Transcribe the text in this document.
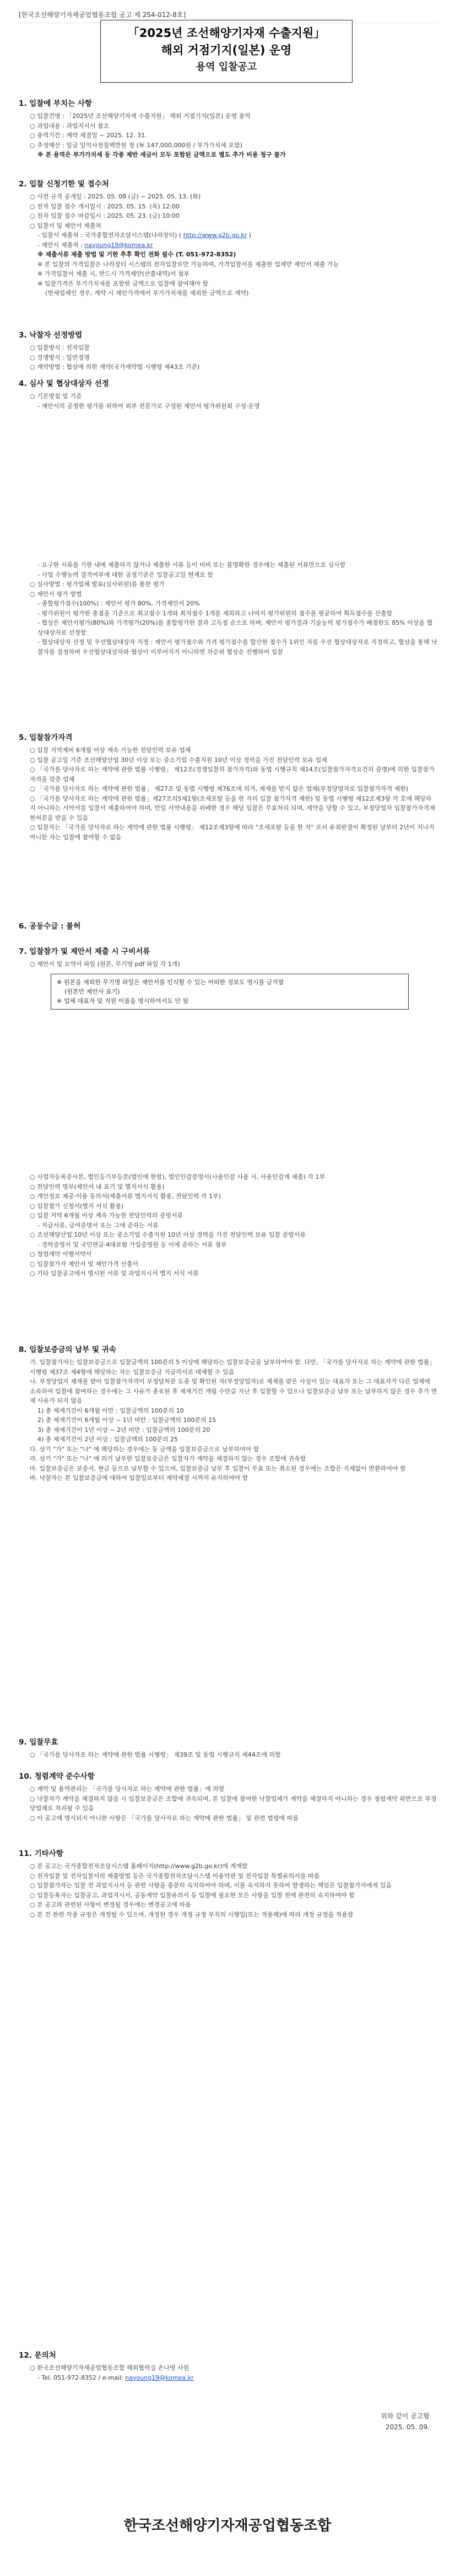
[한국조선해양기자재공업협동조합 공고 제 254-012-8호]
「2025년 조선해양기자재 수출지원」
해외 거점기지(일본) 운영
용역 입찰공고
1. 입찰에 부치는 사항
○ 입찰건명 : 「2025년 조선해양기자재 수출지원」 해외 거점기지(일본) 운영 용역
○ 과업내용 : 과업지시서 참조
○ 용역기간 : 계약 체결일 ~ 2025. 12. 31.
○ 추정예산 : 일금 일억사천칠백만원 정 (￦ 147,000,000원 / 부가가치세 포함)
※ 본 용역은 부가가치세 등 각종 제반 세금이 모두 포함된 금액으로 별도 추가 비용 청구 불가
2. 입찰 신청기한 및 접수처
○ 사전 규격 공개일 : 2025. 05. 08 (금) ~ 2025. 05. 13. (화)
○ 전자 입찰 접수 개시일시 : 2025. 05. 15. (목) 12:00
○ 전자 입찰 접수 마감일시 : 2025. 05. 23. (금) 10:00
○ 입찰서 및 제안서 제출처
- 입찰서 제출처 : 국가종합전자조달시스템(나라장터) ( http://www.g2b.go.kr )
- 제안서 제출처 : nayoung19@komea.kr
※ 제출서류 제출 방법 및 기한 추후 확인 전화 필수 (T. 051-972-8352)
※ 본 입찰의 가격입찰은 나라장터 시스템의 전자입찰로만 가능하며, 가격입찰서를 제출한 업체만 제안서 제출 가능
※ 가격입찰서 제출 시, 반드시 가격제안(산출내역)서 첨부
※ 입찰가격은 부가가치세를 포함한 금액으로 입찰에 참여해야 함
(면세업체인 경우, 계약 시 제안가격에서 부가가치세를 제외한 금액으로 계약)
3. 낙찰자 선정방법
○ 입찰방식 : 전자입찰
○ 경쟁방식 : 일반경쟁
○ 계약방법 : 협상에 의한 계약(국가계약법 시행령 제43조 기준)
4. 심사 및 협상대상자 선정
○ 기본방침 및 기준
- 제안서의 공정한 평가를 위하여 외부 전문가로 구성된 제안서 평가위원회 구성·운영
- 요구한 서류를 기한 내에 제출하지 않거나 제출한 서류 등이 미비 또는 불명확한 경우에는 제출된 서류만으로 심사함
- 사업 수행능력 결격여부에 대한 공정기준은 입찰공고일 현재로 함
○ 심사방법 : 평가업체 발표(심사위원)를 통한 평가
○ 제안서 평가 방법
- 종합평가점수(100%) : 제안서 평가 80%, 가격제안서 20%
- 평가위원이 평가한 총점을 기준으로 최고점수 1개와 최저점수 1개를 제외하고 나머지 평가위원의 점수를 평균하여 획득점수를 산출함
- 협상은 제안서평가(80%)와 가격평가(20%)를 종합평가한 결과 고득점 순으로 하며, 제안서 평가결과 기술능력 평가점수가 배점한도 85% 이상을 협상대상자로 선정함
- 협상대상자 선정 및 우선협상대상자 지정 : 제안서 평가점수와 가격 평가점수를 합산한 점수가 1위인 자를 우선 협상대상자로 지정하고, 협상을 통해 낙찰자를 결정하며 우선협상대상자와 협상이 이루어지지 아니하면 차순위 협상순 진행하여 입찰
5. 입찰참가자격
○ 입찰 지역제비 6개월 이상 계속 가능한 전담인력 보유 업체
○ 입찰 공고일 기준 조선해양산업 30년 이상 또는 중소기업 수출지원 10년 이상 경력을 가진 전담인력 보유 업체
○ 「국가를 당사자로 하는 계약에 관한 법률 시행령」 제12조(경쟁입찰의 참가자격)와 동법 시행규칙 제14조(입찰참가자격요건의 증명)에 의한 입찰참가자격을 갖춘 업체
○ 「국가를 당사자로 하는 계약에 관한 법률」 제27조 및 동법 시행령 제76조에 의거, 제재를 받지 않은 업체(부정당업자로 입찰참가자격 제한)
○ 「국가를 당사자로 하는 계약에 관한 법률」제27조의5제1항(조세포탈 등을 한 자의 입찰 참가자격 제한) 및 동법 시행령 제12조제3항 각 호에 해당하지 아니하는 서약서를 입찰서 제출하여야 하며, 만일 서약내용을 위배한 경우 해당 입찰은 무효처리 되며, 계약을 당할 수 있고, 부정당업자 입찰참가자격제한처분을 받을 수 있음
○ 입찰자는 「국가를 당사자로 하는 계약에 관한 법률 시행령」 제12조제3항에 따라 "조세포탈 등을 한 자" 로서 유죄판결이 확정된 날부터 2년이 지나지 아니한 자는 입찰에 참여할 수 없음
6. 공동수급 : 불허
7. 입찰참가 및 제안서 제출 시 구비서류
○ 제안서 및 요약서 파일 (원본, 무기명 pdf 파일 각 1개)
※ 원본을 제외한 무기명 파일은 제안서를 인식할 수 있는 어떠한 정보도 명시를 금지함
(원본만 제안사 표기)
※ 업체 대표자 및 직원 이름을 명시하여서도 안 됨
○ 사업자등록증사본, 법인등기부등본(법인에 한함), 법인인감증명서(사용인감 사용 시, 사용인감계 제출) 각 1부
○ 전담인력 명부(제안서 내 표기 및 별지서식 활용)
○ 개인정보 제공·이용 동의서(제출서류 별지서식 활용, 전담인력 각 1부)
○ 입찰참가 신청서(별지 서식 활용)
○ 입찰 지역 6개월 이상 계속 가능한 전담인력의 증빙서류
- 지급서류, 급여증명서 또는 그에 준하는 서류
○ 조선해양산업 10년 이상 또는 중소기업 수출지원 10년 이상 경력을 가진 전담인력 보유 입찰 증빙서류
- 경력증명서 및 국민연금·4대보험 가입증명원 등 이에 준하는 서류 첨부
○ 청렴계약 이행서약서
○ 입찰참가자 제안서 및 제안가격 산출서
○ 기타 입찰공고에서 명시된 서류 및 과업지시서 별지 서식 서류
8. 입찰보증금의 납부 및 귀속
가. 입찰참가자는 입찰보증금으로 입찰금액의 100분의 5 이상에 해당하는 입찰보증금을 납부하여야 함. 다만, 「국가를 당사자로 하는 계약에 관한 법률」 시행령 제37조 제4항에 해당하는 자는 입찰보증금 지급각서로 대체할 수 있음
나. 부정당업자 제재를 받아 입찰참가자격이 부정당처분 도중 및 확인된 자(부정당업자)로 제재를 받은 사실이 있는 대표자 또는 그 대표자가 다른 업체에 소속하여 입찰에 참여하는 경우에는 그 사유가 종료된 후 제재기간 개월 수만큼 지난 후 입찰할 수 있으나 입찰보증금 납부 또는 납부하지 않은 경우 추가 면제 사유가 되지 않음
1) 총 제재기간이 6개월 이만 : 입찰금액의 100분의 10
2) 총 제재기간이 6개월 이상 ~ 1년 미만 : 입찰금액의 100분의 15
3) 총 제재기간이 1년 이상 ~ 2년 미만 : 입찰금액의 100분의 20
4) 총 제재기간이 2년 이상 : 입찰금액의 100분의 25
다. 상기 "가" 또는 "나" 에 해당하는 경우에는 동 금액을 입찰보증금으로 납부하여야 함
라. 상기 "가" 또는 "나" 에 의거 납부한 입찰보증금은 입찰자가 계약을 체결하지 않는 경우 조합에 귀속함
마. 입찰보증금은 보증서, 현금 등으로 납부할 수 있으며, 입찰보증금 납부 후 입찰이 무효 또는 취소된 경우에는 조합은 지체없이 반환하여야 함
바. 낙찰자는 본 입찰보증금에 대하여 입찰일로부터 계약체결 시까지 유지하여야 함
9. 입찰무효
○ 「국가를 당사자로 하는 계약에 관한 법률 시행령」 제39조 및 동법 시행규칙 제44조에 의함
10. 청렴계약 준수사항
○ 계약 및 용역관리는 「국가를 당사자로 하는 계약에 관한 법률」에 의함
○ 낙찰자가 계약을 체결하지 않을 시 입찰보증금은 조합에 귀속되며, 본 입찰에 참여한 낙찰업체가 계약을 체결하지 아니하는 경우 청렴계약 위반으로 부정당업체로 처리될 수 있음
○ 이 공고에 명시되지 아니한 사항은 「국가를 당사자로 하는 계약에 관한 법률」 및 관련 법령에 따름
11. 기타사항
○ 본 공고는 국가종합전자조달시스템 홈페이지(http://www.g2b.go.kr)에 게재함
○ 전자입찰 및 전자입찰서의 제출방법 등은 국가종합전자조달시스템 이용약관 및 전자입찰 특별유의서를 따름
○ 입찰참가자는 입찰 전 과업지시서 등 관련 사항을 충분히 숙지하여야 하며, 이를 숙지하지 못하여 발생하는 책임은 입찰참가자에게 있음
○ 입찰등록자는 입찰공고, 과업지시서, 공동계약 입찰유의서 등 입찰에 필요한 모든 사항을 입찰 전에 완전히 숙지하여야 함
○ 본 공고와 관련된 사항이 변경될 경우에는 변경공고에 따름
○ 본 건 관련 각종 규정은 개정될 수 있으며, 개정된 경우 개정 규정 부칙의 시행일(또는 적용례)에 따라 개정 규정을 적용함
12. 문의처
○ 한국조선해양기자재공업협동조합 해외협력실 손나영 사원
- Tel. 051-972-8352 / e-mail: nayoung19@komea.kr
위와 같이 공고함
2025. 05. 09.
한국조선해양기자재공업협동조합
